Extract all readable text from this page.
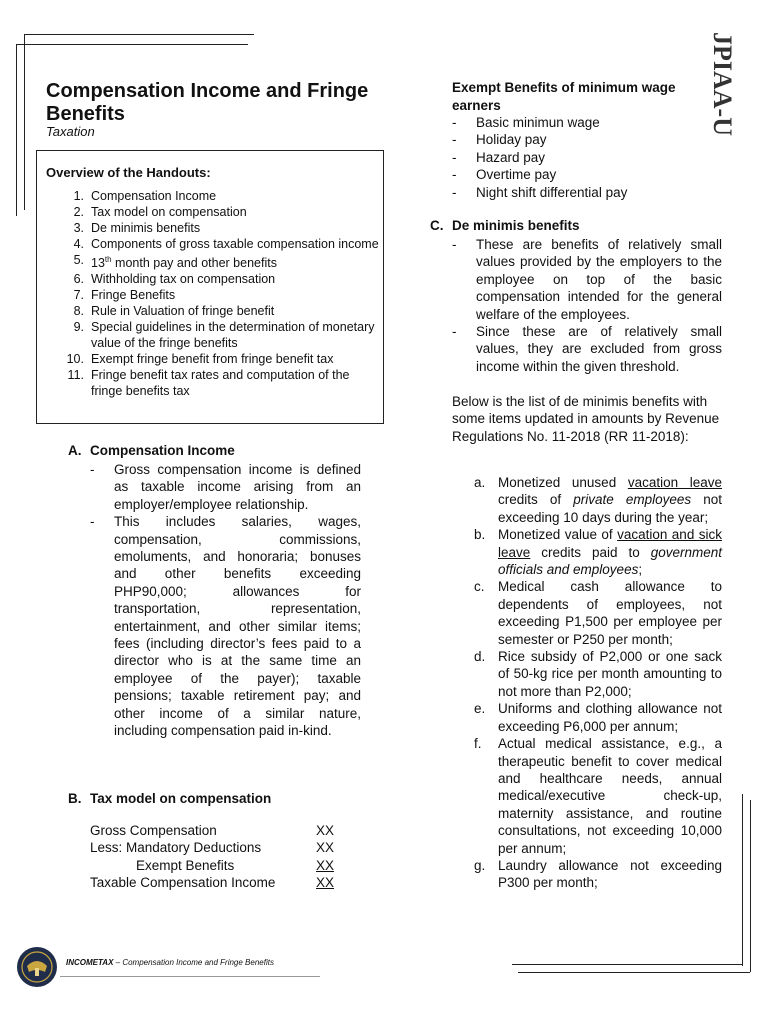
JPIAA-U
Compensation Income and Fringe Benefits
Taxation
Overview of the Handouts:
1. Compensation Income
2. Tax model on compensation
3. De minimis benefits
4. Components of gross taxable compensation income
5. 13th month pay and other benefits
6. Withholding tax on compensation
7. Fringe Benefits
8. Rule in Valuation of fringe benefit
9. Special guidelines in the determination of monetary value of the fringe benefits
10. Exempt fringe benefit from fringe benefit tax
11. Fringe benefit tax rates and computation of the fringe benefits tax
A. Compensation Income
- Gross compensation income is defined as taxable income arising from an employer/employee relationship.
- This includes salaries, wages, compensation, commissions, emoluments, and honoraria; bonuses and other benefits exceeding PHP90,000; allowances for transportation, representation, entertainment, and other similar items; fees (including director’s fees paid to a director who is at the same time an employee of the payer); taxable pensions; taxable retirement pay; and other income of a similar nature, including compensation paid in-kind.
B. Tax model on compensation
Gross Compensation	XX
Less: Mandatory Deductions	XX
Exempt Benefits	XX
Taxable Compensation Income	XX
Exempt Benefits of minimum wage earners
- Basic minimun wage
- Holiday pay
- Hazard pay
- Overtime pay
- Night shift differential pay
C. De minimis benefits
- These are benefits of relatively small values provided by the employers to the employee on top of the basic compensation intended for the general welfare of the employees.
- Since these are of relatively small values, they are excluded from gross income within the given threshold.
Below is the list of de minimis benefits with some items updated in amounts by Revenue Regulations No. 11-2018 (RR 11-2018):
a. Monetized unused vacation leave credits of private employees not exceeding 10 days during the year;
b. Monetized value of vacation and sick leave credits paid to government officials and employees;
c. Medical cash allowance to dependents of employees, not exceeding P1,500 per employee per semester or P250 per month;
d. Rice subsidy of P2,000 or one sack of 50-kg rice per month amounting to not more than P2,000;
e. Uniforms and clothing allowance not exceeding P6,000 per annum;
f. Actual medical assistance, e.g., a therapeutic benefit to cover medical and healthcare needs, annual medical/executive check-up, maternity assistance, and routine consultations, not exceeding 10,000 per annum;
g. Laundry allowance not exceeding P300 per month;
INCOMETAX – Compensation Income and Fringe Benefits
